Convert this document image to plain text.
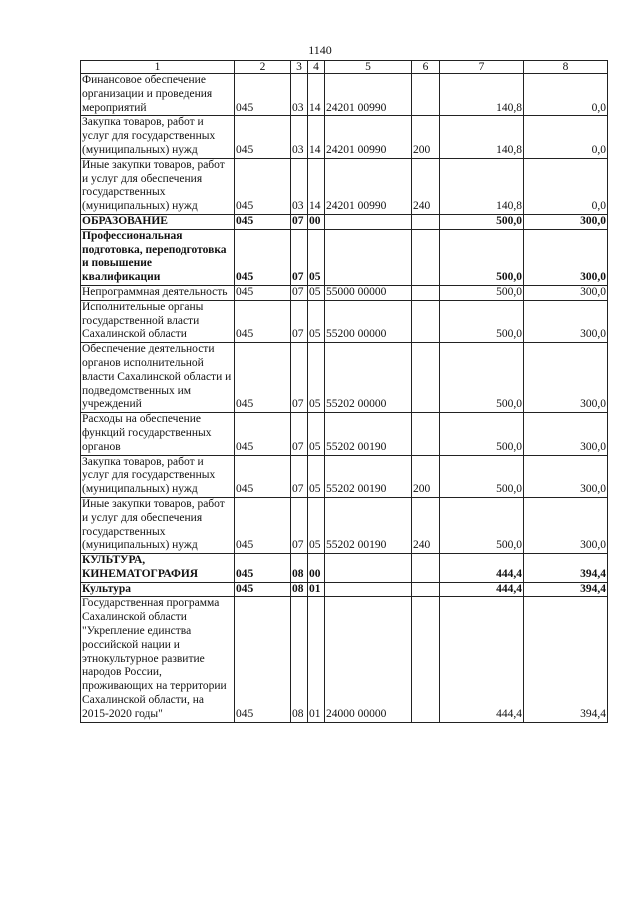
1140
1	2	3	4	5	6	7	8
Финансовое обеспечение организации и проведения мероприятий	045	03	14	24201 00990		140,8	0,0
Закупка товаров, работ и услуг для государственных (муниципальных) нужд	045	03	14	24201 00990	200	140,8	0,0
Иные закупки товаров, работ и услуг для обеспечения государственных (муниципальных) нужд	045	03	14	24201 00990	240	140,8	0,0
ОБРАЗОВАНИЕ	045	07	00			500,0	300,0
Профессиональная подготовка, переподготовка и повышение квалификации	045	07	05			500,0	300,0
Непрограммная деятельность	045	07	05	55000 00000		500,0	300,0
Исполнительные органы государственной власти Сахалинской области	045	07	05	55200 00000		500,0	300,0
Обеспечение деятельности органов исполнительной власти Сахалинской области и подведомственных им учреждений	045	07	05	55202 00000		500,0	300,0
Расходы на обеспечение функций государственных органов	045	07	05	55202 00190		500,0	300,0
Закупка товаров, работ и услуг для государственных (муниципальных) нужд	045	07	05	55202 00190	200	500,0	300,0
Иные закупки товаров, работ и услуг для обеспечения государственных (муниципальных) нужд	045	07	05	55202 00190	240	500,0	300,0
КУЛЬТУРА, КИНЕМАТОГРАФИЯ	045	08	00			444,4	394,4
Культура	045	08	01			444,4	394,4
Государственная программа Сахалинской области "Укрепление единства российской нации и этнокультурное развитие народов России, проживающих на территории Сахалинской области, на 2015-2020 годы"	045	08	01	24000 00000		444,4	394,4
